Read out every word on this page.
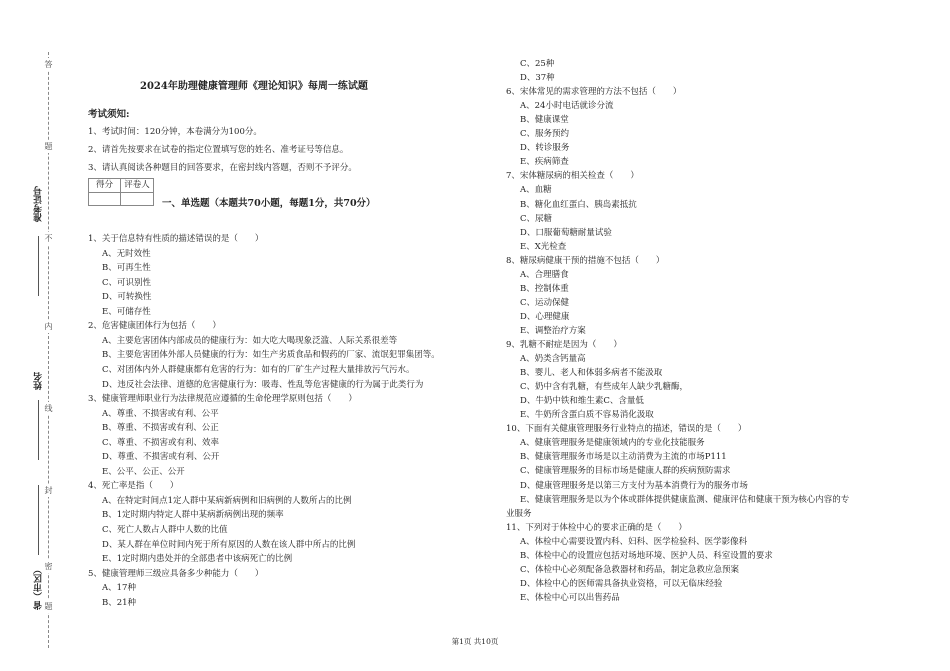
答
题
不
内
线
封
密
题
准考证号
姓名
省（市区）
2024年助理健康管理师《理论知识》每周一练试题
考试须知:
1、考试时间：120分钟，本卷满分为100分。
2、请首先按要求在试卷的指定位置填写您的姓名、准考证号等信息。
3、请认真阅读各种题目的回答要求，在密封线内答题，否则不予评分。
得分	评卷人
一、单选题（本题共70小题，每题1分，共70分）
1、关于信息特有性质的描述错误的是（　　）
A、无时效性
B、可再生性
C、可识别性
D、可转换性
E、可储存性
2、危害健康团体行为包括（　　）
A、主要危害团体内部成员的健康行为：如大吃大喝现象泛滥、人际关系很差等
B、主要危害团体外部人员健康的行为：如生产劣质食品和假药的厂家、流氓犯罪集团等。
C、对团体内外人群健康都有危害的行为：如有的厂矿生产过程大量排放污气污水。
D、违反社会法律、道德的危害健康行为：吸毒、性乱等危害健康的行为属于此类行为
3、健康管理师职业行为法律规范应遵循的生命伦理学原则包括（　　）
A、尊重、不损害或有利、公平
B、尊重、不损害或有利、公正
C、尊重、不损害或有利、效率
D、尊重、不损害或有利、公开
E、公平、公正、公开
4、死亡率是指（　　）
A、在特定时间点1定人群中某病新病例和旧病例的人数所占的比例
B、1定时期内特定人群中某病新病例出现的频率
C、死亡人数占人群中人数的比值
D、某人群在单位时间内死于所有原因的人数在该人群中所占的比例
E、1定时期内患处并的全部患者中该病死亡的比例
5、健康管理师三级应具备多少种能力（　　）
A、17种
B、21种
C、25种
D、37种
6、宋体常见的需求管理的方法不包括（　　）
A、24小时电话就诊分流
B、健康课堂
C、服务预约
D、转诊服务
E、疾病筛查
7、宋体糖尿病的相关检查（　　）
A、血糖
B、糖化血红蛋白、胰岛素抵抗
C、尿糖
D、口服葡萄糖耐量试验
E、X光检查
8、糖尿病健康干预的措施不包括（　　）
A、合理膳食
B、控制体重
C、运动保健
D、心理健康
E、调整治疗方案
9、乳糖不耐症是因为（　　）
A、奶类含钙量高
B、婴儿、老人和体弱多病者不能汲取
C、奶中含有乳糖，有些成年人缺少乳糖酶，
D、牛奶中铁和维生素C、含量低
E、牛奶所含蛋白质不容易消化汲取
10、下面有关健康管理服务行业特点的描述，错误的是（　　）
A、健康管理服务是健康领域内的专业化技能服务
B、健康管理服务市场是以主动消费为主流的市场P111
C、健康管理服务的目标市场是健康人群的疾病预防需求
D、健康管理服务是以第三方支付为基本消费行为的服务市场
E、健康管理服务是以为个体或群体提供健康监测、健康评估和健康干预为核心内容的专
业服务
11、下列对于体检中心的要求正确的是（　　）
A、体检中心需要设置内科、妇科、医学检验科、医学影像科
B、体检中心的设置应包括对场地环境、医护人员、科室设置的要求
C、体检中心必须配备急救器材和药品，制定急救应急预案
D、体检中心的医师需具备执业资格，可以无临床经验
E、体检中心可以出售药品
第1页 共10页
